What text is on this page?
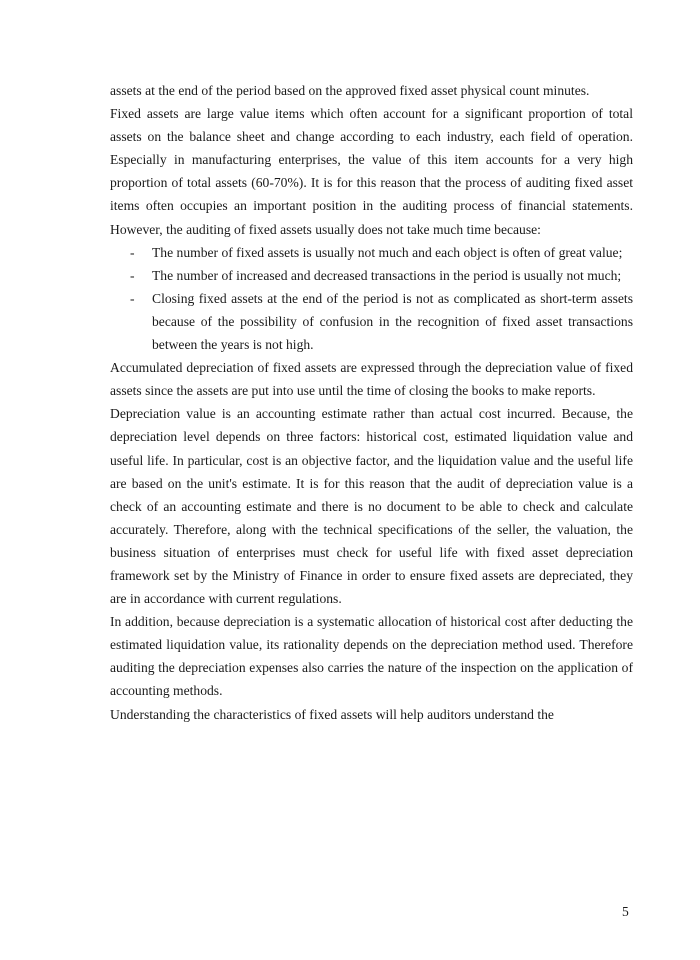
assets at the end of the period based on the approved fixed asset physical count minutes.

Fixed assets are large value items which often account for a significant proportion of total assets on the balance sheet and change according to each industry, each field of operation. Especially in manufacturing enterprises, the value of this item accounts for a very high proportion of total assets (60-70%). It is for this reason that the process of auditing fixed asset items often occupies an important position in the auditing process of financial statements. However, the auditing of fixed assets usually does not take much time because:

- The number of fixed assets is usually not much and each object is often of great value;
- The number of increased and decreased transactions in the period is usually not much;
- Closing fixed assets at the end of the period is not as complicated as short-term assets because of the possibility of confusion in the recognition of fixed asset transactions between the years is not high.

Accumulated depreciation of fixed assets are expressed through the depreciation value of fixed assets since the assets are put into use until the time of closing the books to make reports.

Depreciation value is an accounting estimate rather than actual cost incurred. Because, the depreciation level depends on three factors: historical cost, estimated liquidation value and useful life. In particular, cost is an objective factor, and the liquidation value and the useful life are based on the unit's estimate. It is for this reason that the audit of depreciation value is a check of an accounting estimate and there is no document to be able to check and calculate accurately. Therefore, along with the technical specifications of the seller, the valuation, the business situation of enterprises must check for useful life with fixed asset depreciation framework set by the Ministry of Finance in order to ensure fixed assets are depreciated, they are in accordance with current regulations.

In addition, because depreciation is a systematic allocation of historical cost after deducting the estimated liquidation value, its rationality depends on the depreciation method used. Therefore auditing the depreciation expenses also carries the nature of the inspection on the application of accounting methods.

Understanding the characteristics of fixed assets will help auditors understand the

5
